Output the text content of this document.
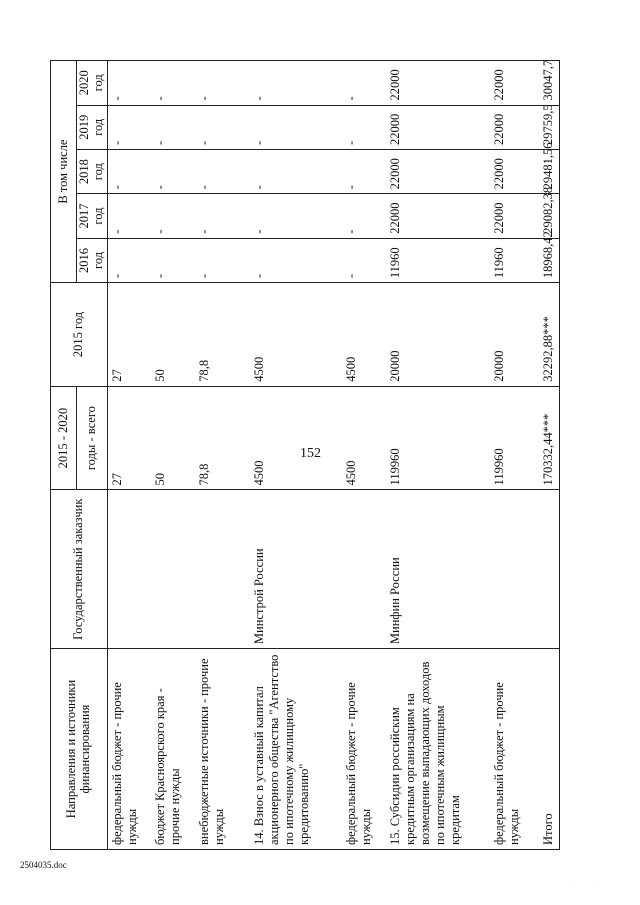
152
Направления и источники финансирования	Государственный заказчик	2015 - 2020	2015 год	В том числе				
		годы - всего		2016 год	2017 год	2018 год	2019 год	2020 год
федеральный бюджет - прочие нужды		27	27	-	-	-	-	-
бюджет Красноярского края - прочие нужды		50	50	-	-	-	-	-
внебюджетные источники - прочие нужды		78,8	78,8	-	-	-	-	-
14. Взнос в уставный капитал акционерного общества "Агентство по ипотечному жилищному кредитованию"	Минстрой России	4500	4500	-	-	-	-	-
федеральный бюджет - прочие нужды		4500	4500	-	-	-	-	-
15. Субсидии российским кредитным организациям на возмещение выпадающих доходов по ипотечным жилищным кредитам	Минфин России	119960	20000	11960	22000	22000	22000	22000
федеральный бюджет - прочие нужды		119960	20000	11960	22000	22000	22000	22000
Итого		170332,44***	32292,88***	18968,42	29082,38	29481,56	29759,5	30047,7
2504035.doc
·	·
